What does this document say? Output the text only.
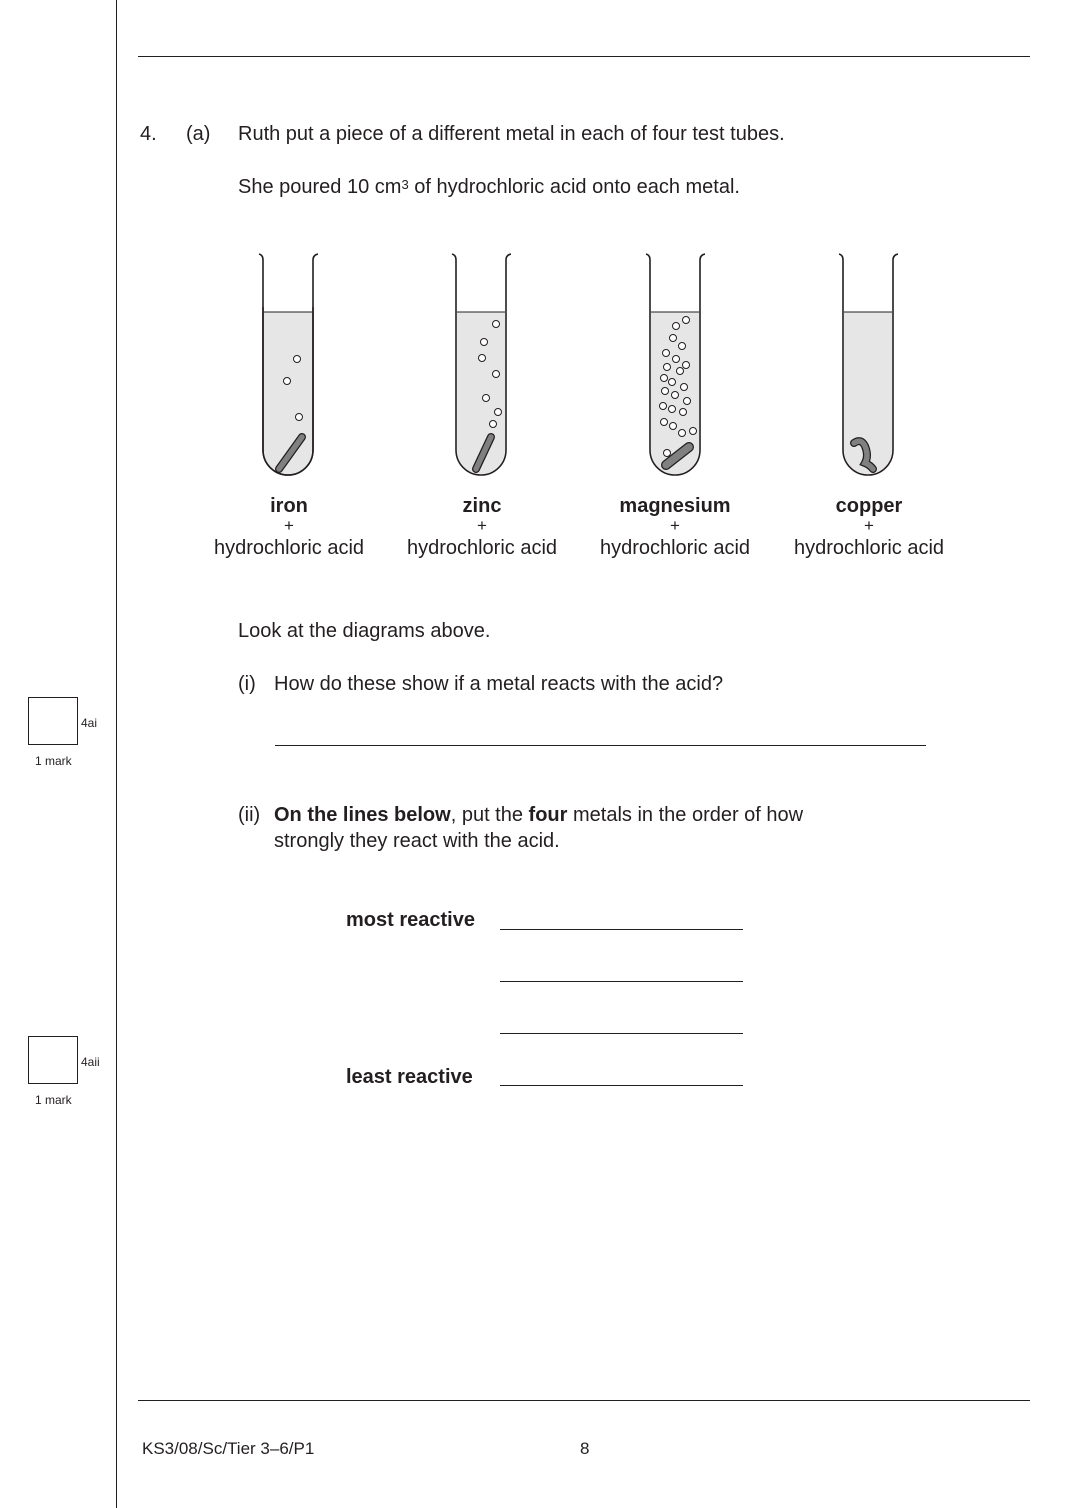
4. (a) Ruth put a piece of a different metal in each of four test tubes.
She poured 10 $cm^3$ of hydrochloric acid onto each metal.
iron
+
hydrochloric acid
zinc
+
hydrochloric acid
magnesium
+
hydrochloric acid
copper
+
hydrochloric acid
Look at the diagrams above.
(i) How do these show if a metal reacts with the acid?
4ai
1 mark
(ii) On the lines below, put the four metals in the order of how
strongly they react with the acid.
most reactive
least reactive
4aii
1 mark
KS3/08/Sc/Tier 3–6/P1	8
